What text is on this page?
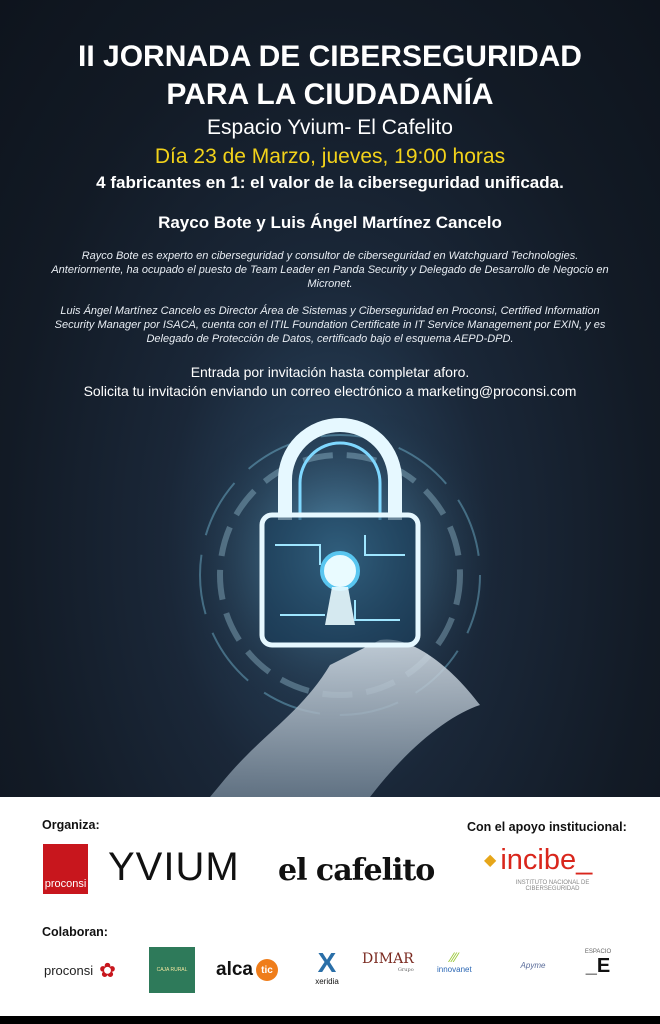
II JORNADA DE CIBERSEGURIDAD
PARA LA CIUDADANÍA
Espacio Yvium- El Cafelito
Día 23 de Marzo, jueves, 19:00 horas
4 fabricantes en 1: el valor de la ciberseguridad unificada.
Rayco Bote y Luis Ángel Martínez Cancelo
Rayco Bote es experto en ciberseguridad y consultor de ciberseguridad en Watchguard Technologies. Anteriormente, ha ocupado el puesto de Team Leader en Panda Security y Delegado de Desarrollo de Negocio en Micronet.
Luis Ángel Martínez Cancelo es Director Área de Sistemas y Ciberseguridad en Proconsi, Certified Information Security Manager por ISACA, cuenta con el ITIL Foundation Certificate in IT Service Management por EXIN, y es Delegado de Protección de Datos, certificado bajo el esquema AEPD-DPD.
Entrada por invitación hasta completar aforo.
Solicita tu invitación enviando un correo electrónico a marketing@proconsi.com
Organiza:	Con el apoyo institucional:
proconsi YVIUM el cafelito	◆ incibe_
INSTITUTO NACIONAL DE CIBERSEGURIDAD
Colaboran:
proconsi ✿	CAJA RURAL	alca tic X
xeridia
DIMAR
Grupo
⁄⁄⁄
innovanet	Apyme
ESPACIO
_E
